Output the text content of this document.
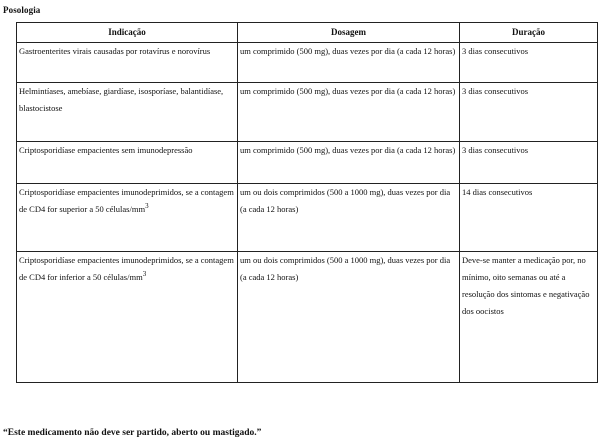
Posologia
Indicação	Dosagem	Duração
Gastroenterites virais causadas por rotavírus e norovírus	um comprimido (500 mg), duas vezes por dia (a cada 12 horas)	3 dias consecutivos
Helmintíases, amebíase, giardíase, isosporíase, balantidíase, blastocistose	um comprimido (500 mg), duas vezes por dia (a cada 12 horas)	3 dias consecutivos
Criptosporidíase empacientes sem imunodepressão	um comprimido (500 mg), duas vezes por dia (a cada 12 horas)	3 dias consecutivos
Criptosporidíase empacientes imunodeprimidos, se a contagem de CD4 for superior a 50 células/$mm^3$	um ou dois comprimidos (500 a 1000 mg), duas vezes por dia (a cada 12 horas)	14 dias consecutivos
Criptosporidíase empacientes imunodeprimidos, se a contagem de CD4 for inferior a 50 células/$mm^3$	um ou dois comprimidos (500 a 1000 mg), duas vezes por dia (a cada 12 horas)	Deve-se manter a medicação por, no mínimo, oito semanas ou até a resolução dos sintomas e negativação dos oocistos
“Este medicamento não deve ser partido, aberto ou mastigado.”
